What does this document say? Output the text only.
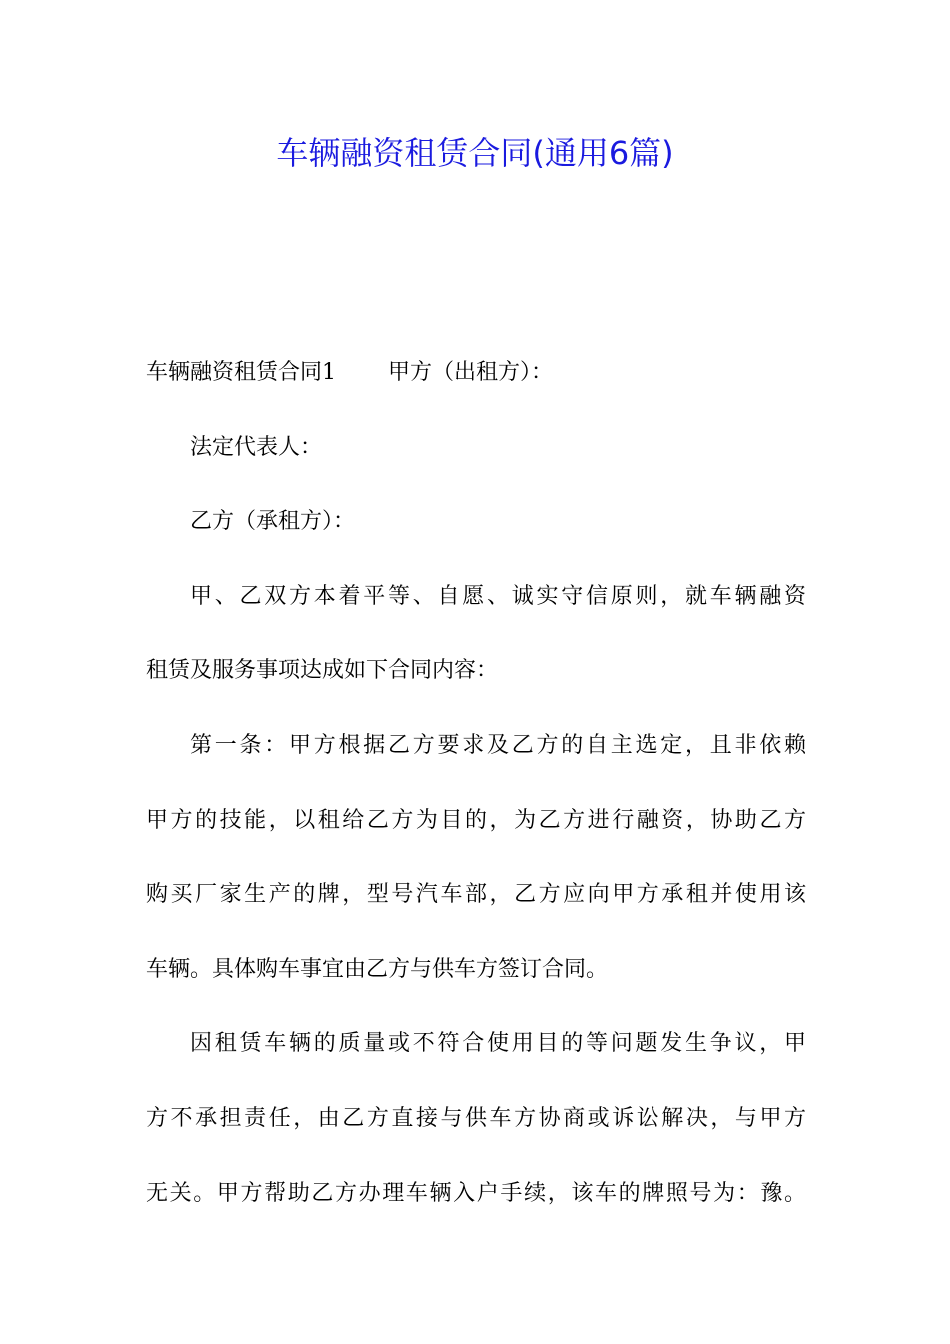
车辆融资租赁合同(通用6篇)
车辆融资租赁合同1 甲方（出租方）：
法定代表人：
乙方（承租方）：
甲、乙双方本着平等、自愿、诚实守信原则，就车辆融资
租赁及服务事项达成如下合同内容：
第一条：甲方根据乙方要求及乙方的自主选定，且非依赖
甲方的技能，以租给乙方为目的，为乙方进行融资，协助乙方
购买厂家生产的牌，型号汽车部，乙方应向甲方承租并使用该
车辆。具体购车事宜由乙方与供车方签订合同。
因租赁车辆的质量或不符合使用目的等问题发生争议，甲
方不承担责任，由乙方直接与供车方协商或诉讼解决，与甲方
无关。甲方帮助乙方办理车辆入户手续，该车的牌照号为：豫。
